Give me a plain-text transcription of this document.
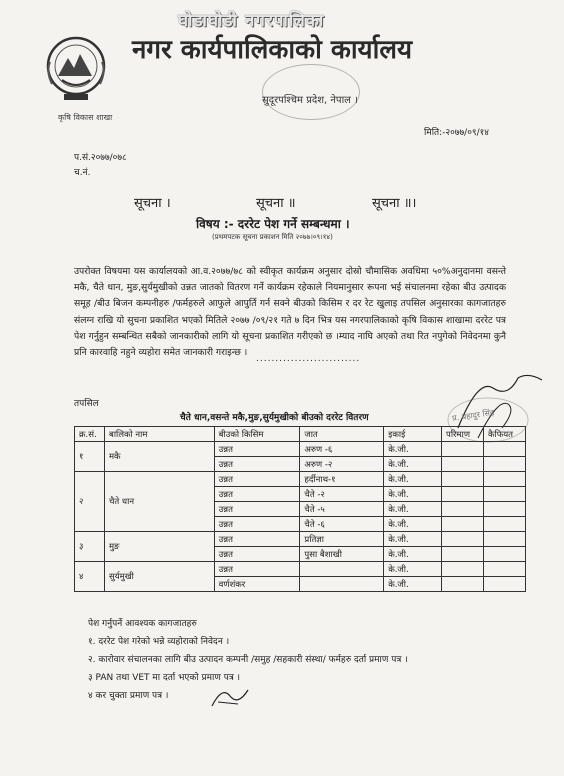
घोडाघोडी नगरपालिका
नगर कार्यपालिकाको कार्यालय
सुदूरपश्चिम प्रदेश, नेपाल ।
कृषि विकास शाखा
मिति:-२०७७/०९/१४
प.सं.२०७७/०७८
च.नं.
सूचना ।	सूचना ॥	सूचना ॥।
विषय :- दररेट पेश गर्ने सम्बन्धमा ।
(प्रथमपटक सूचना प्रकाशन मिति २०७७।०९।१४)
उपरोक्त विषयमा यस कार्यालयको आ.व.२०७७/७८ को स्वीकृत कार्यक्रम अनुसार दोस्रो चौमासिक अवधिमा ५०%अनुदानमा वसन्ते मकै, चैते धान, मुङ,सुर्यमुखीको उन्नत जातको वितरण गर्ने कार्यक्रम रहेकाले नियमानुसार रूपना भई संचालनमा रहेका बीउ उत्पादक समूह /बीउ बिजन कम्पनीहरु /फर्महरुले आफुले आपुर्ति गर्न सक्ने बीउको किसिम र दर रेट खुलाइ तपसिल अनुसारका कागजातहरु संलग्न राखि यो सुचना प्रकाशित भएको मितिले २०७७ /०९/२१ गते ७ दिन भित्र यस नगरपालिकाको कृषि विकास शाखामा दररेट पत्र पेश गर्नुहुन सम्बन्धित सबैको जानकारीको लागि यो सूचना प्रकाशित गरीएको छ ।म्याद नाघि अएको तथा रित नपुगेको निवेदनमा कुनै प्रनि कारवाहि नहुने व्यहोरा समेत जानकारी गराइन्छ ।
...........................
प्र. बहादुर सिंह
तपसिल
चैते धान,वसन्ते मकै,मुङ,सुर्यमुखीको बीउको दररेट वितरण
क्र.सं.	बालिको नाम	बीउको किसिम	जात	इकाई	परिमाण	कैफियत
१	मकै	उन्नत	अरुण -६	के.जी.		
		उन्नत	अरुण -२	के.जी.		
२	चैते धान	उन्नत	हर्दीनाथ-१	के.जी.		
		उन्नत	चैते -२	के.जी.		
		उन्नत	चैते -५	के.जी.		
		उन्नत	चैते -६	के.जी.		
३	मुङ	उन्नत	प्रतिज्ञा	के.जी.		
		उन्नत	पुसा बैशाखी	के.जी.		
४	सुर्यमुखी	उन्नत		के.जी.		
		वर्णशंकर		के.जी.		
पेश गर्नुपर्ने आवश्यक कागजातहरु
१. दररेट पेश गरेको भन्ने व्यहोराको निवेदन ।
२. कारोवार संचालनका लागि बीउ उत्पादन कम्पनी /समुह /सहकारी संस्था/ फर्महरु दर्ता प्रमाण पत्र ।
३ PAN तथा VET मा दर्ता भएको प्रमाण पत्र ।
४ कर चुक्ता प्रमाण पत्र ।
